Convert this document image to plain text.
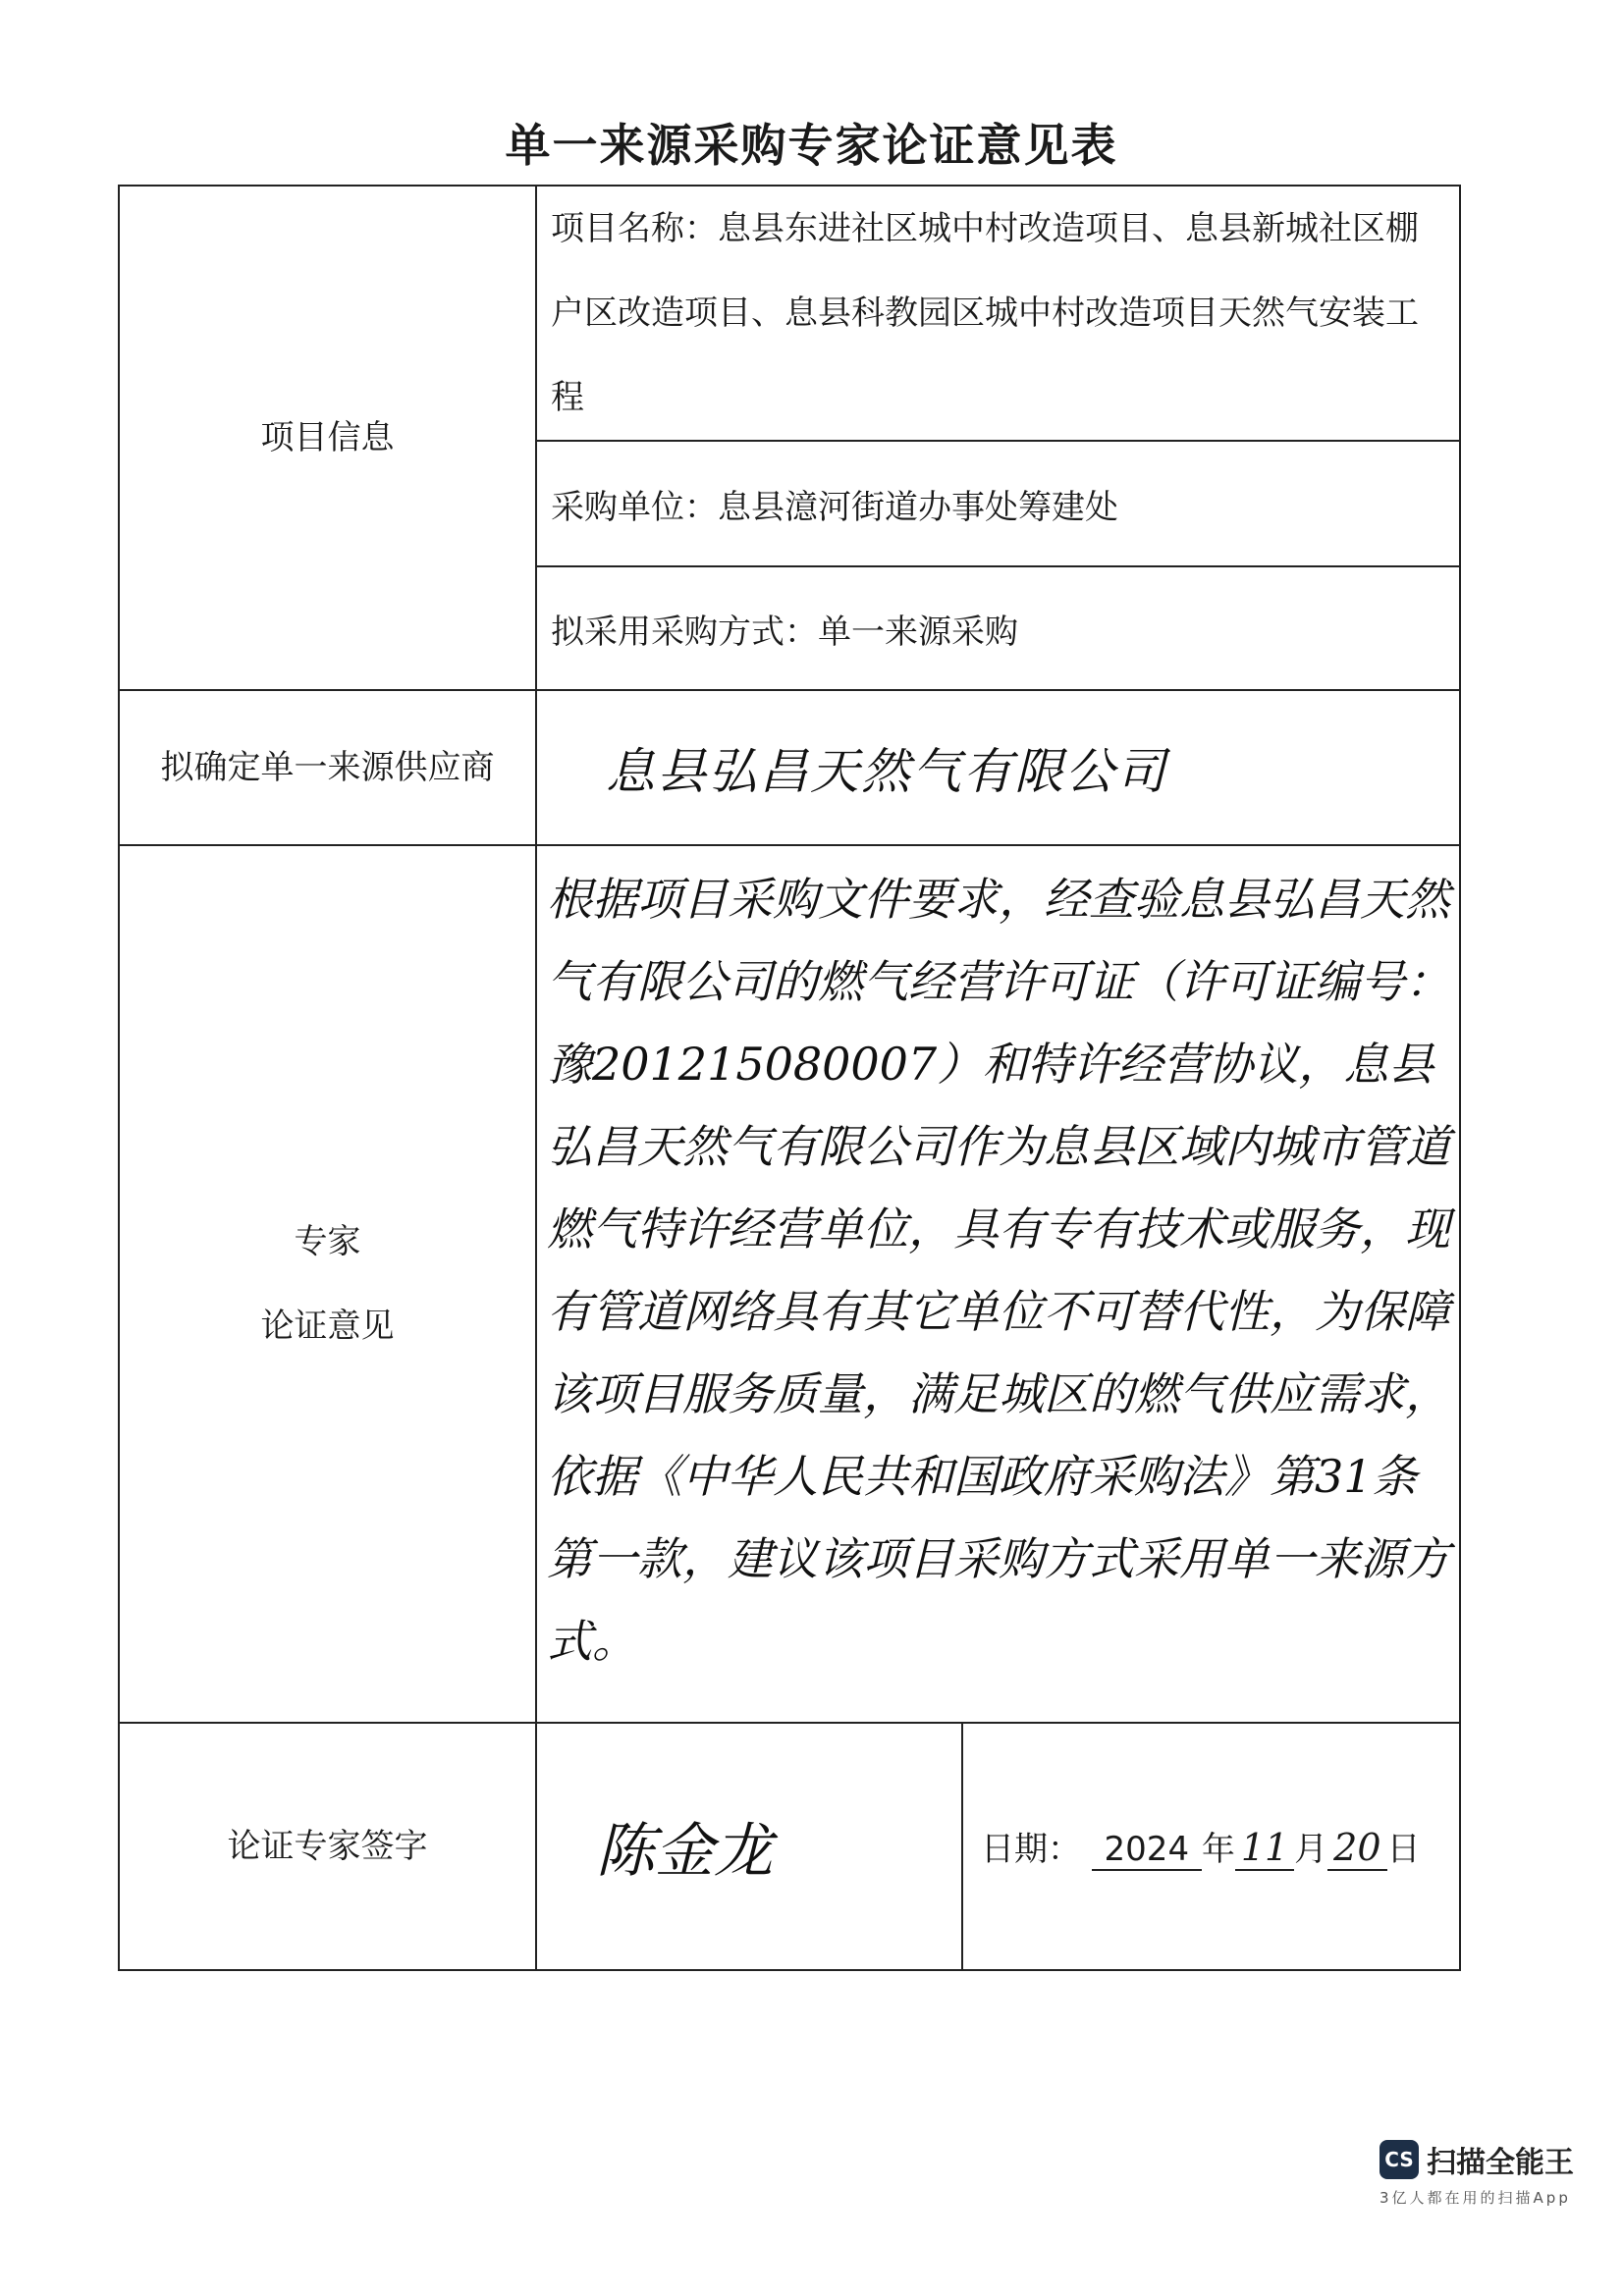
单一来源采购专家论证意见表
项目信息	项目名称：息县东进社区城中村改造项目、息县新城社区棚户区改造项目、息县科教园区城中村改造项目天然气安装工程	
	采购单位：息县澺河街道办事处筹建处	
	拟采用采购方式：单一来源采购	
拟确定单一来源供应商	息县弘昌天然气有限公司	

专家
论证意见	根据项目采购文件要求，经查验息县弘昌天然气有限公司的燃气经营许可证（许可证编号：豫201215080007）和特许经营协议，息县弘昌天然气有限公司作为息县区域内城市管道燃气特许经营单位，具有专有技术或服务，现有管道网络具有其它单位不可替代性，为保障该项目服务质量，满足城区的燃气供应需求，依据《中华人民共和国政府采购法》第31条第一款，建议该项目采购方式采用单一来源方式。	
论证专家签字	陈金龙	日期： 2024 年 11 月 20 日
CS 扫描全能王
3亿人都在用的扫描App
